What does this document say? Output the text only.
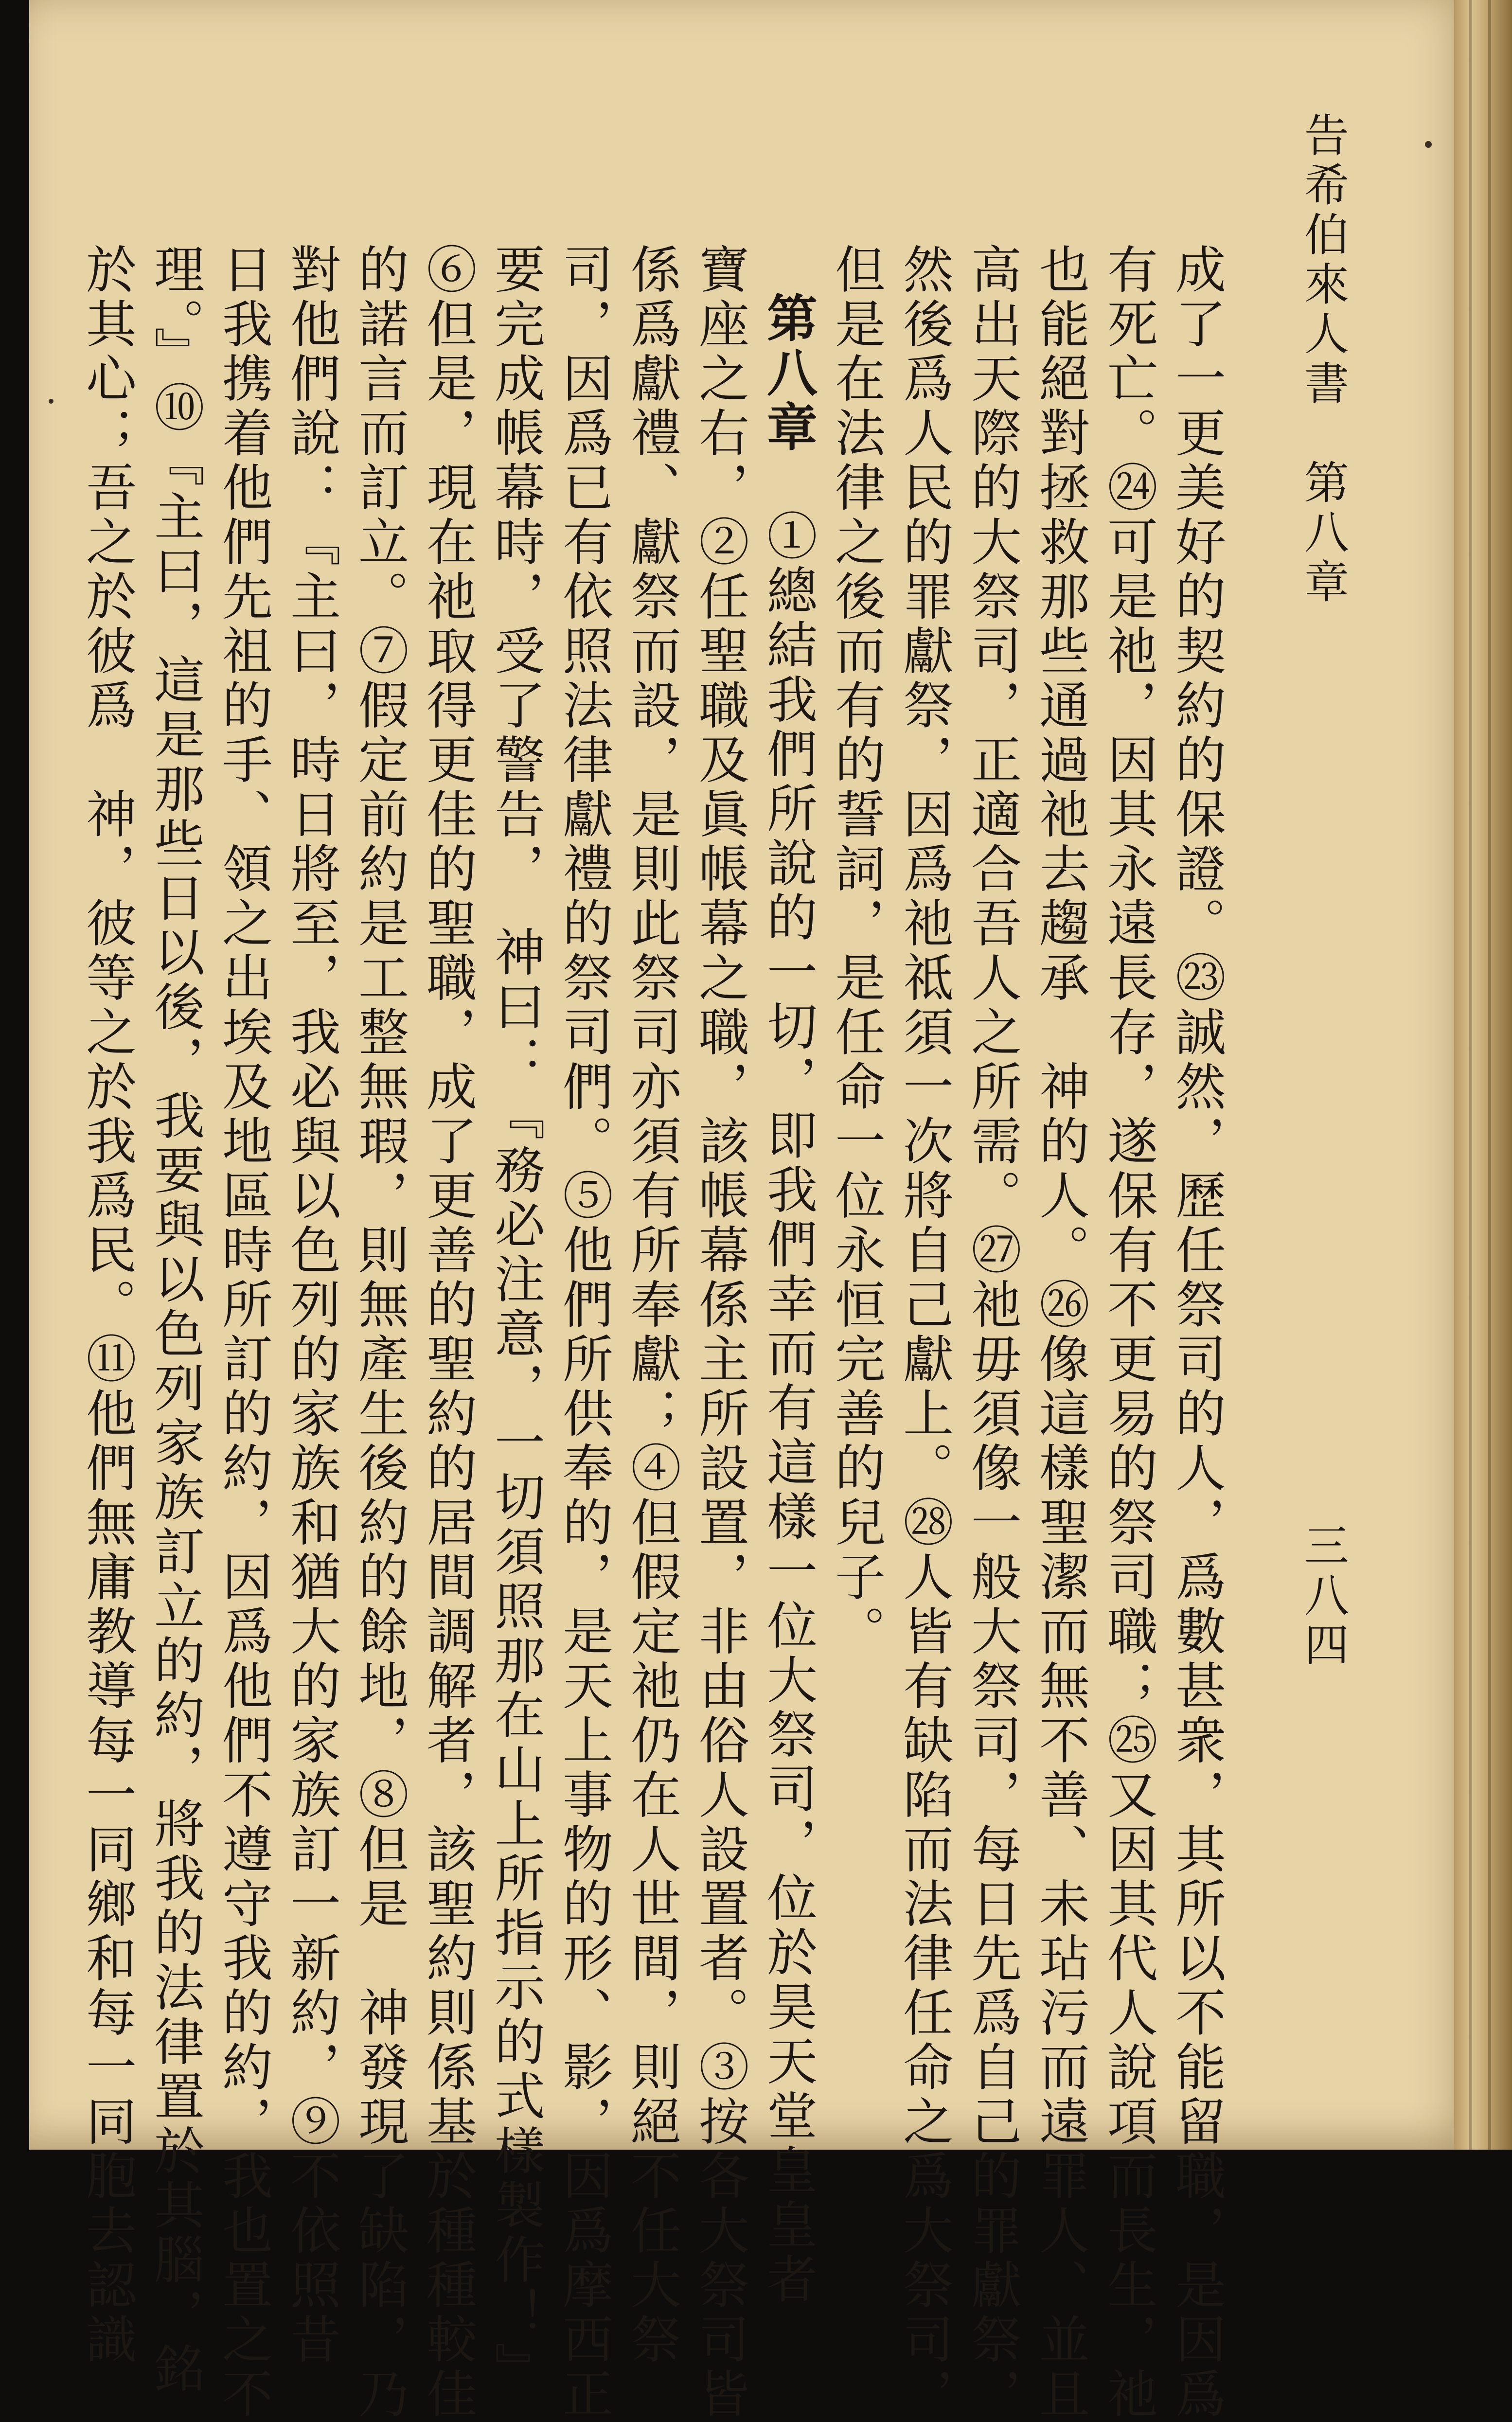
告希伯來人書　第八章
三八四
成了一更美好的契約的保證。㉓誠然，歷任祭司的人，爲數甚衆，其所以不能留職，是因爲
有死亡。㉔可是祂，因其永遠長存，遂保有不更易的祭司職；㉕又因其代人說項而長生，祂
也能絕對拯救那些通過祂去趨承　神的人。㉖像這樣聖潔而無不善、未玷污而遠罪人、並且
高出天際的大祭司，正適合吾人之所需。㉗祂毋須像一般大祭司，每日先爲自己的罪獻祭，
然後爲人民的罪獻祭，因爲祂祗須一次將自己獻上。㉘人皆有缺陷而法律任命之爲大祭司，
但是在法律之後而有的誓詞，是任命一位永恒完善的兒子。
第八章　①總結我們所說的一切，即我們幸而有這樣一位大祭司，位於昊天堂皇皇者
寶座之右，②任聖職及眞帳幕之職，該帳幕係主所設置，非由俗人設置者。③按各大祭司皆
係爲獻禮、獻祭而設，是則此祭司亦須有所奉獻；④但假定祂仍在人世間，則絕不任大祭
司，因爲已有依照法律獻禮的祭司們。⑤他們所供奉的，是天上事物的形、影，因爲摩西正
要完成帳幕時，受了警告，　神曰：『務必注意，一切須照那在山上所指示的式樣製作！』
⑥但是，現在祂取得更佳的聖職，成了更善的聖約的居間調解者，該聖約則係基於種種較佳
的諾言而訂立。⑦假定前約是工整無瑕，則無產生後約的餘地，⑧但是　神發現了缺陷，乃
對他們說：『主曰，時日將至，我必與以色列的家族和猶大的家族訂一新約，⑨不依照昔
日我携着他們先祖的手、領之出埃及地區時所訂的約，因爲他們不遵守我的約，我也置之不
理。』⑩『主曰，這是那些日以後，我要與以色列家族訂立的約，將我的法律置於其腦，銘
於其心；吾之於彼爲　神，彼等之於我爲民。⑪他們無庸教導每一同鄉和每一同胞去認識
